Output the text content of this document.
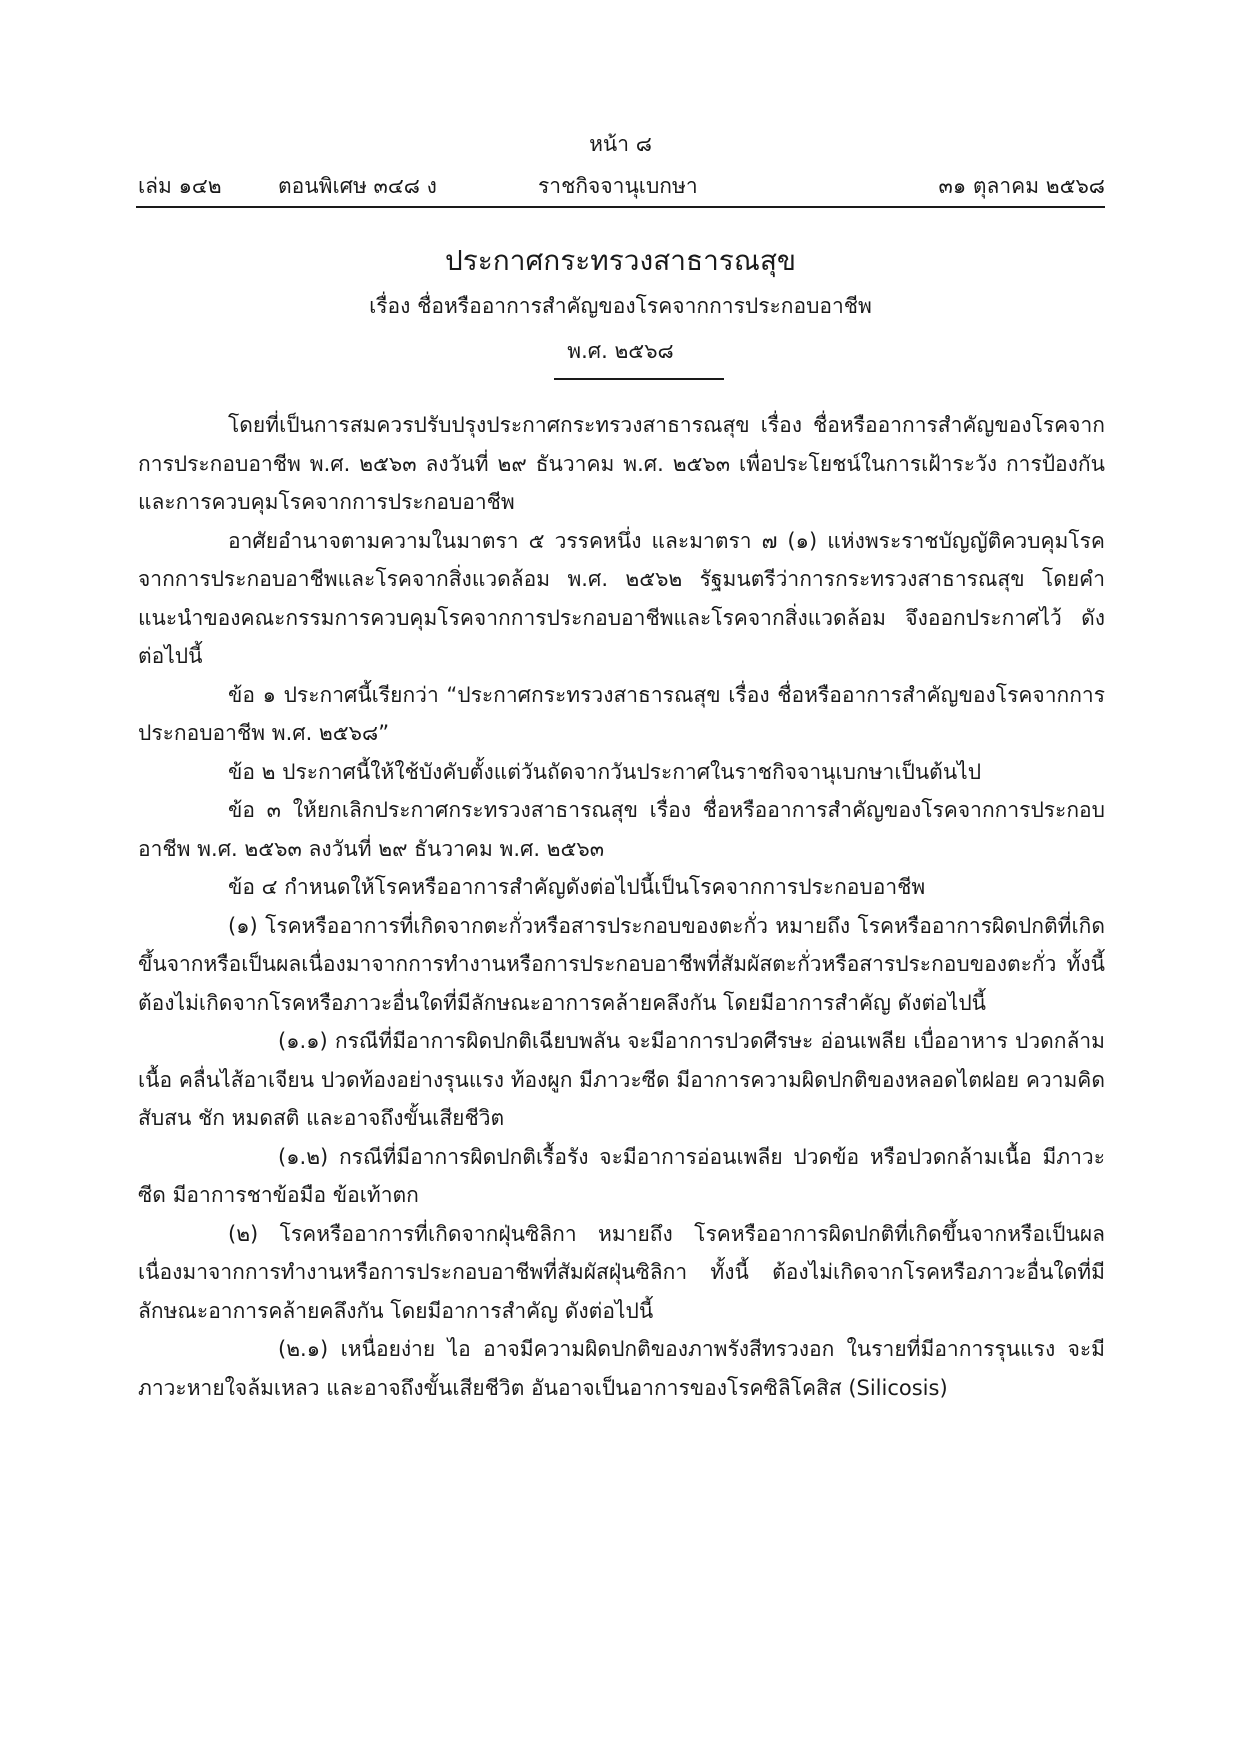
หน้า ๘
เล่ม ๑๔๒	ตอนพิเศษ ๓๔๘ ง	ราชกิจจานุเบกษา	๓๑ ตุลาคม ๒๕๖๘
ประกาศกระทรวงสาธารณสุข
เรื่อง ชื่อหรืออาการสำคัญของโรคจากการประกอบอาชีพ
พ.ศ. ๒๕๖๘

โดยที่เป็นการสมควรปรับปรุงประกาศกระทรวงสาธารณสุข เรื่อง ชื่อหรืออาการสำคัญของโรคจากการประกอบอาชีพ พ.ศ. ๒๕๖๓ ลงวันที่ ๒๙ ธันวาคม พ.ศ. ๒๕๖๓ เพื่อประโยชน์ในการเฝ้าระวัง การป้องกัน และการควบคุมโรคจากการประกอบอาชีพ

อาศัยอำนาจตามความในมาตรา ๕ วรรคหนึ่ง และมาตรา ๗ (๑) แห่งพระราชบัญญัติควบคุมโรคจากการประกอบอาชีพและโรคจากสิ่งแวดล้อม พ.ศ. ๒๕๖๒ รัฐมนตรีว่าการกระทรวงสาธารณสุข โดยคำแนะนำของคณะกรรมการควบคุมโรคจากการประกอบอาชีพและโรคจากสิ่งแวดล้อม จึงออกประกาศไว้ ดังต่อไปนี้

ข้อ ๑ ประกาศนี้เรียกว่า “ประกาศกระทรวงสาธารณสุข เรื่อง ชื่อหรืออาการสำคัญของโรคจากการประกอบอาชีพ พ.ศ. ๒๕๖๘”

ข้อ ๒ ประกาศนี้ให้ใช้บังคับตั้งแต่วันถัดจากวันประกาศในราชกิจจานุเบกษาเป็นต้นไป

ข้อ ๓ ให้ยกเลิกประกาศกระทรวงสาธารณสุข เรื่อง ชื่อหรืออาการสำคัญของโรคจากการประกอบอาชีพ พ.ศ. ๒๕๖๓ ลงวันที่ ๒๙ ธันวาคม พ.ศ. ๒๕๖๓

ข้อ ๔ กำหนดให้โรคหรืออาการสำคัญดังต่อไปนี้เป็นโรคจากการประกอบอาชีพ

(๑) โรคหรืออาการที่เกิดจากตะกั่วหรือสารประกอบของตะกั่ว หมายถึง โรคหรืออาการผิดปกติที่เกิดขึ้นจากหรือเป็นผลเนื่องมาจากการทำงานหรือการประกอบอาชีพที่สัมผัสตะกั่วหรือสารประกอบของตะกั่ว ทั้งนี้ ต้องไม่เกิดจากโรคหรือภาวะอื่นใดที่มีลักษณะอาการคล้ายคลึงกัน โดยมีอาการสำคัญ ดังต่อไปนี้

(๑.๑) กรณีที่มีอาการผิดปกติเฉียบพลัน จะมีอาการปวดศีรษะ อ่อนเพลีย เบื่ออาหาร ปวดกล้ามเนื้อ คลื่นไส้อาเจียน ปวดท้องอย่างรุนแรง ท้องผูก มีภาวะซีด มีอาการความผิดปกติของหลอดไตฝอย ความคิดสับสน ชัก หมดสติ และอาจถึงขั้นเสียชีวิต

(๑.๒) กรณีที่มีอาการผิดปกติเรื้อรัง จะมีอาการอ่อนเพลีย ปวดข้อ หรือปวดกล้ามเนื้อ มีภาวะซีด มีอาการชาข้อมือ ข้อเท้าตก

(๒) โรคหรืออาการที่เกิดจากฝุ่นซิลิกา หมายถึง โรคหรืออาการผิดปกติที่เกิดขึ้นจากหรือเป็นผลเนื่องมาจากการทำงานหรือการประกอบอาชีพที่สัมผัสฝุ่นซิลิกา ทั้งนี้ ต้องไม่เกิดจากโรคหรือภาวะอื่นใดที่มีลักษณะอาการคล้ายคลึงกัน โดยมีอาการสำคัญ ดังต่อไปนี้

(๒.๑) เหนื่อยง่าย ไอ อาจมีความผิดปกติของภาพรังสีทรวงอก ในรายที่มีอาการรุนแรง จะมีภาวะหายใจล้มเหลว และอาจถึงขั้นเสียชีวิต อันอาจเป็นอาการของโรคซิลิโคสิส (Silicosis)
